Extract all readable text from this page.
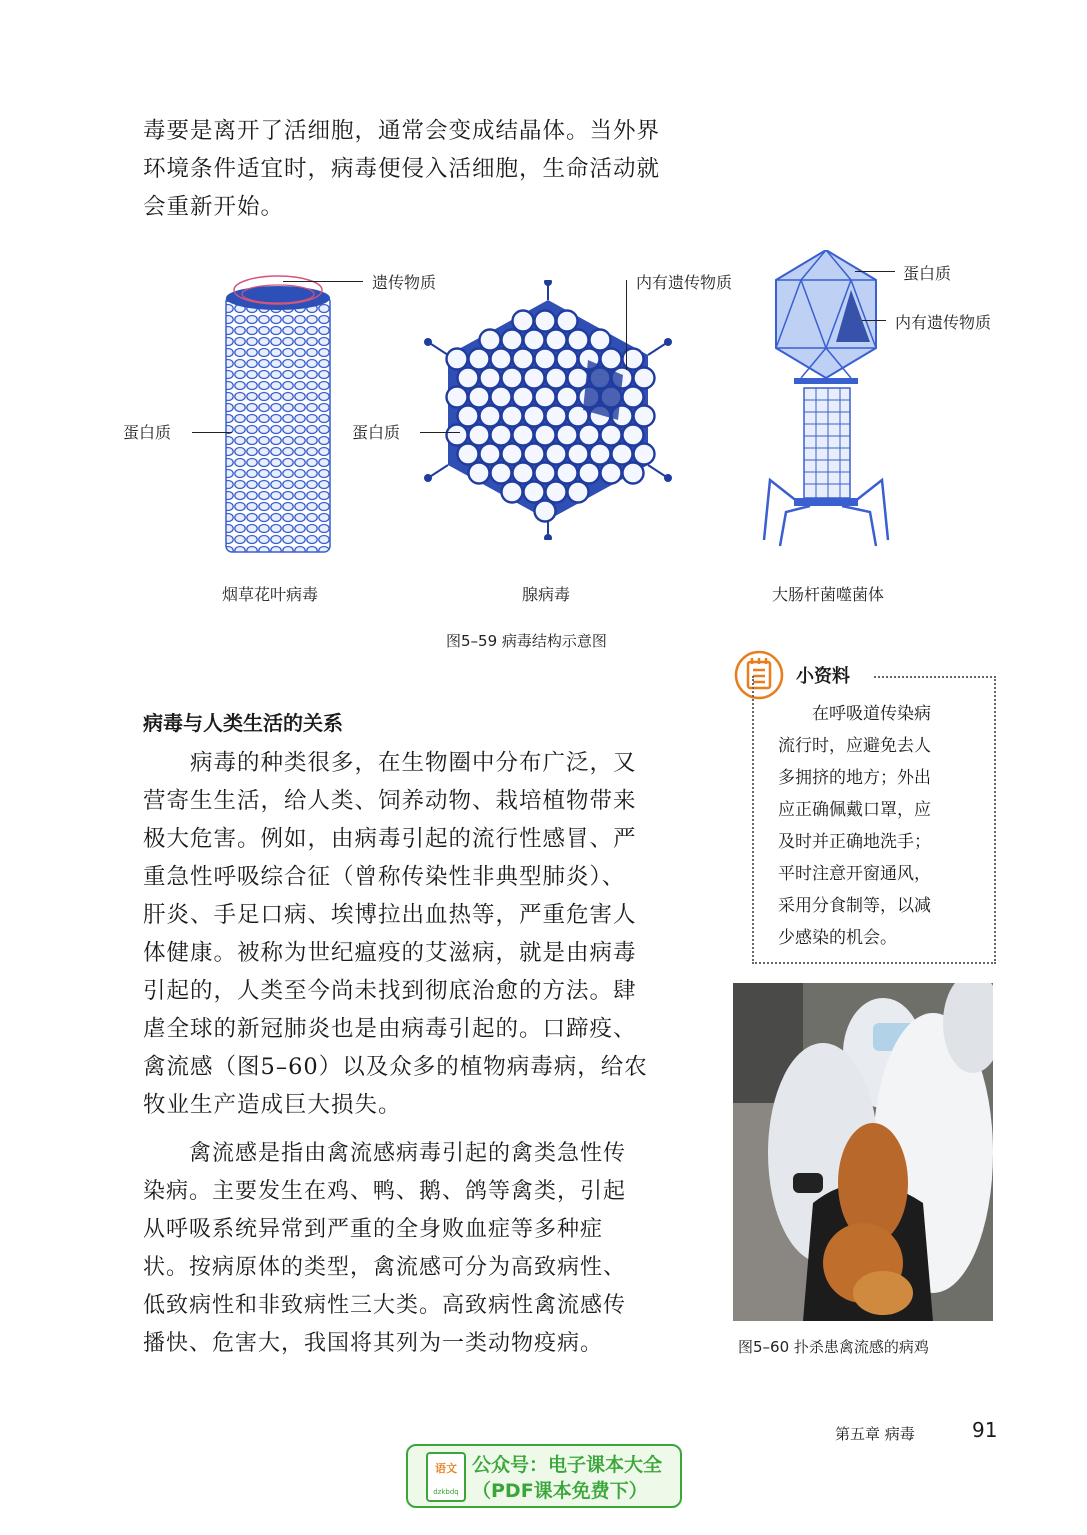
毒要是离开了活细胞，通常会变成结晶体。当外界
环境条件适宜时，病毒便侵入活细胞，生命活动就
会重新开始。
遗传物质
蛋白质
烟草花叶病毒
内有遗传物质
蛋白质
腺病毒
蛋白质
内有遗传物质
大肠杆菌噬菌体
图5–59 病毒结构示意图
病毒与人类生活的关系
　　病毒的种类很多，在生物圈中分布广泛，又
营寄生生活，给人类、饲养动物、栽培植物带来
极大危害。例如，由病毒引起的流行性感冒、严
重急性呼吸综合征（曾称传染性非典型肺炎）、
肝炎、手足口病、埃博拉出血热等，严重危害人
体健康。被称为世纪瘟疫的艾滋病，就是由病毒
引起的，人类至今尚未找到彻底治愈的方法。肆
虐全球的新冠肺炎也是由病毒引起的。口蹄疫、
禽流感（图5–60）以及众多的植物病毒病，给农
牧业生产造成巨大损失。
　　禽流感是指由禽流感病毒引起的禽类急性传
染病。主要发生在鸡、鸭、鹅、鸽等禽类，引起
从呼吸系统异常到严重的全身败血症等多种症
状。按病原体的类型，禽流感可分为高致病性、
低致病性和非致病性三大类。高致病性禽流感传
播快、危害大，我国将其列为一类动物疫病。
小资料
　　在呼吸道传染病
流行时，应避免去人
多拥挤的地方；外出
应正确佩戴口罩，应
及时并正确地洗手；
平时注意开窗通风，
采用分食制等，以减
少感染的机会。
图5–60 扑杀患禽流感的病鸡
第五章 病毒	91
语文
dzkbdq
公众号：电子课本大全
（PDF课本免费下）
